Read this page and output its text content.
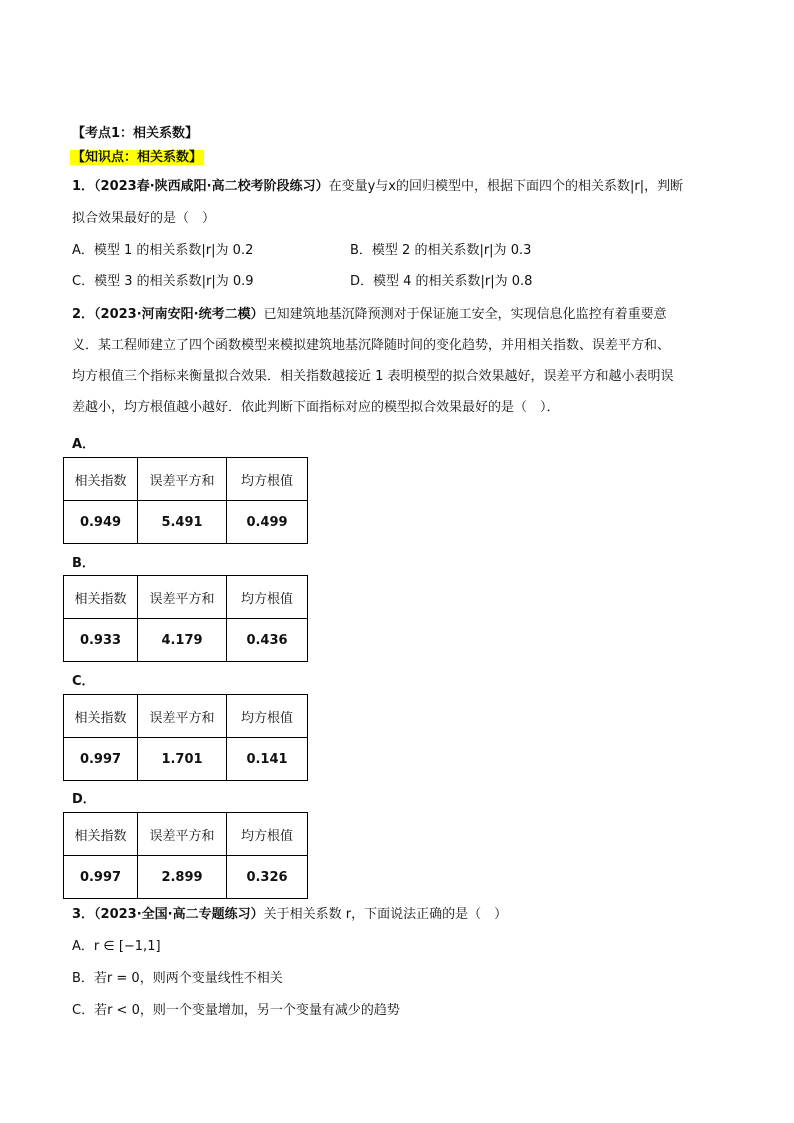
【考点1：相关系数】
【知识点：相关系数】
1．（2023春·陕西咸阳·高二校考阶段练习）在变量y与x的回归模型中，根据下面四个的相关系数|r|，判断
拟合效果最好的是（　）
A．模型 1 的相关系数|r|为 0.2	B．模型 2 的相关系数|r|为 0.3
C．模型 3 的相关系数|r|为 0.9	D．模型 4 的相关系数|r|为 0.8
2．（2023·河南安阳·统考二模）已知建筑地基沉降预测对于保证施工安全，实现信息化监控有着重要意
义．某工程师建立了四个函数模型来模拟建筑地基沉降随时间的变化趋势，并用相关指数、误差平方和、
均方根值三个指标来衡量拟合效果．相关指数越接近 1 表明模型的拟合效果越好，误差平方和越小表明误
差越小，均方根值越小越好．依此判断下面指标对应的模型拟合效果最好的是（　）．
A．
相关指数	误差平方和	均方根值
0.949	5.491	0.499
B．
相关指数	误差平方和	均方根值
0.933	4.179	0.436
C．
相关指数	误差平方和	均方根值
0.997	1.701	0.141
D．
相关指数	误差平方和	均方根值
0.997	2.899	0.326
3．（2023·全国·高二专题练习）关于相关系数 r，下面说法正确的是（　）
A．r ∈ [−1,1]
B．若r = 0，则两个变量线性不相关
C．若r < 0，则一个变量增加，另一个变量有减少的趋势
